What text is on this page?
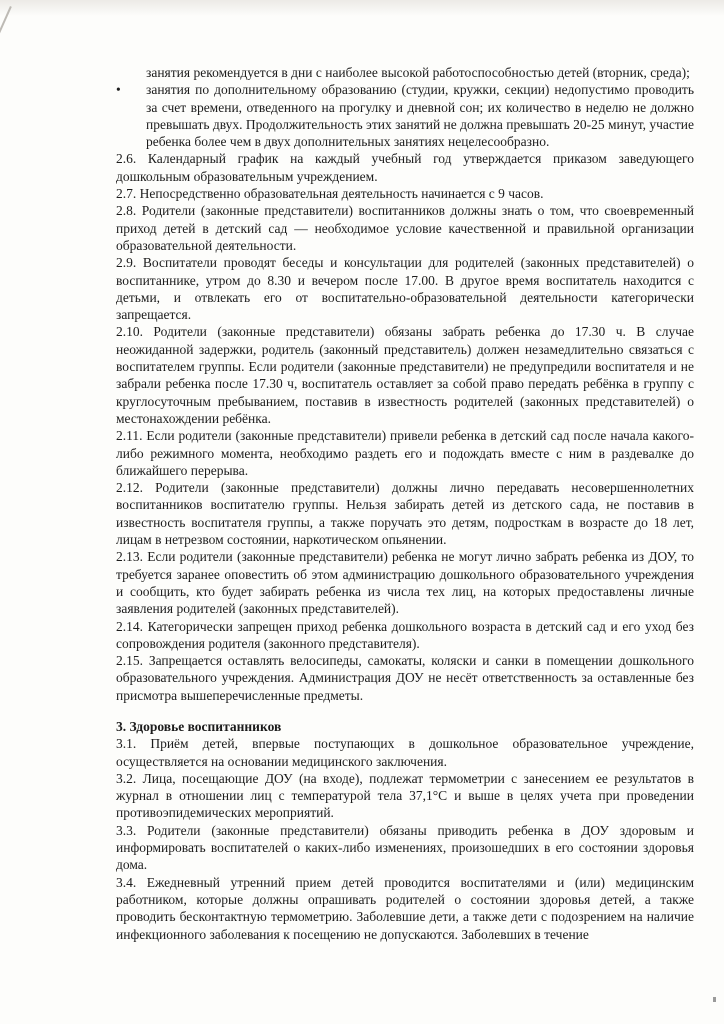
занятия рекомендуется в дни с наиболее высокой работоспособностью детей (вторник, среда);

•	занятия по дополнительному образованию (студии, кружки, секции) недопустимо проводить за счет времени, отведенного на прогулку и дневной сон; их количество в неделю не должно превышать двух. Продолжительность этих занятий не должна превышать 20-25 минут, участие ребенка более чем в двух дополнительных занятиях нецелесообразно.

2.6. Календарный график на каждый учебный год утверждается приказом заведующего дошкольным образовательным учреждением.

2.7. Непосредственно образовательная деятельность начинается с 9 часов.

2.8. Родители (законные представители) воспитанников должны знать о том, что своевременный приход детей в детский сад — необходимое условие качественной и правильной организации образовательной деятельности.

2.9. Воспитатели проводят беседы и консультации для родителей (законных представителей) о воспитаннике, утром до 8.30 и вечером после 17.00. В другое время воспитатель находится с детьми, и отвлекать его от воспитательно-образовательной деятельности категорически запрещается.

2.10. Родители (законные представители) обязаны забрать ребенка до 17.30 ч. В случае неожиданной задержки, родитель (законный представитель) должен незамедлительно связаться с воспитателем группы. Если родители (законные представители) не предупредили воспитателя и не забрали ребенка после 17.30 ч, воспитатель оставляет за собой право передать ребёнка в группу с круглосуточным пребыванием, поставив в известность родителей (законных представителей) о местонахождении ребёнка.

2.11. Если родители (законные представители) привели ребенка в детский сад после начала какого-либо режимного момента, необходимо раздеть его и подождать вместе с ним в раздевалке до ближайшего перерыва.

2.12. Родители (законные представители) должны лично передавать несовершеннолетних воспитанников воспитателю группы. Нельзя забирать детей из детского сада, не поставив в известность воспитателя группы, а также поручать это детям, подросткам в возрасте до 18 лет, лицам в нетрезвом состоянии, наркотическом опьянении.

2.13. Если родители (законные представители) ребенка не могут лично забрать ребенка из ДОУ, то требуется заранее оповестить об этом администрацию дошкольного образовательного учреждения и сообщить, кто будет забирать ребенка из числа тех лиц, на которых предоставлены личные заявления родителей (законных представителей).

2.14. Категорически запрещен приход ребенка дошкольного возраста в детский сад и его уход без сопровождения родителя (законного представителя).

2.15. Запрещается оставлять велосипеды, самокаты, коляски и санки в помещении дошкольного образовательного учреждения. Администрация ДОУ не несёт ответственность за оставленные без присмотра вышеперечисленные предметы.

3. Здоровье воспитанников

3.1. Приём детей, впервые поступающих в дошкольное образовательное учреждение, осуществляется на основании медицинского заключения.

3.2. Лица, посещающие ДОУ (на входе), подлежат термометрии с занесением ее результатов в журнал в отношении лиц с температурой тела 37,1°С и выше в целях учета при проведении противоэпидемических мероприятий.

3.3. Родители (законные представители) обязаны приводить ребенка в ДОУ здоровым и информировать воспитателей о каких-либо изменениях, произошедших в его состоянии здоровья дома.

3.4. Ежедневный утренний прием детей проводится воспитателями и (или) медицинским работником, которые должны опрашивать родителей о состоянии здоровья детей, а также проводить бесконтактную термометрию. Заболевшие дети, а также дети с подозрением на наличие инфекционного заболевания к посещению не допускаются. Заболевших в течение
